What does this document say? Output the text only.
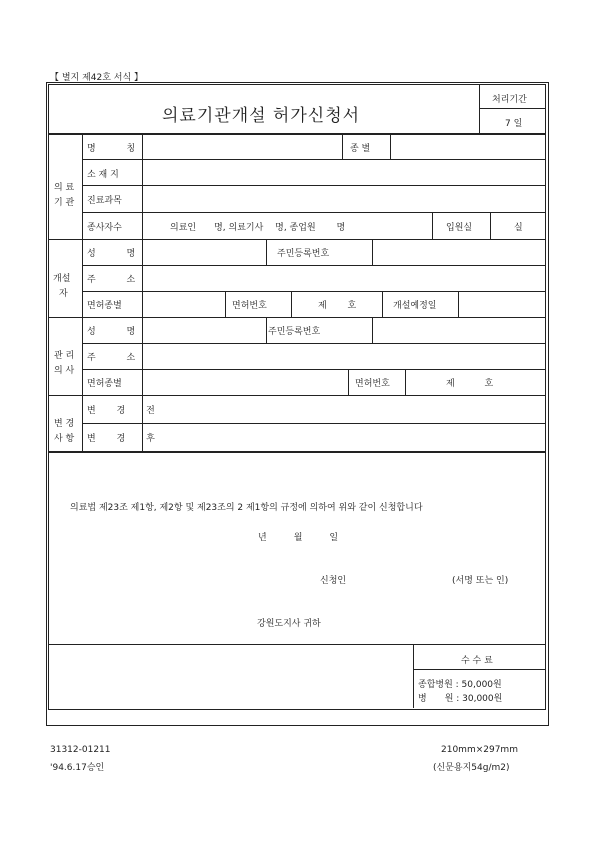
【 별지 제42호 서식 】
의료기관개설 허가신청서
처리기간
7 일
의 료
기 관
개설
자
관 리
의 사
변 경
사 항
명 칭	종 별
소 재 지
진료과목
종사자수	의료인　　명, 의료기사　 명, 종업원　　 명	입원실	실
성 명	주민등록번호
주 소
면허종별	면허번호	제　　 호	개설예정일
성 명	주민등록번호
주 소
면허종별	면허번호	제　　　 호
변 경 전
변 경 후
의료법 제23조 제1항, 제2항 및 제23조의 2 제1항의 규정에 의하여 위와 같이 신청합니다
년　　　월　　　일
신청인	(서명 또는 인)
강원도지사 귀하
수 수 료
종합병원 : 50,000원
병　　원 : 30,000원
31312-01211
'94.6.17승인
210mm×297mm
(신문용지54g/m2)
